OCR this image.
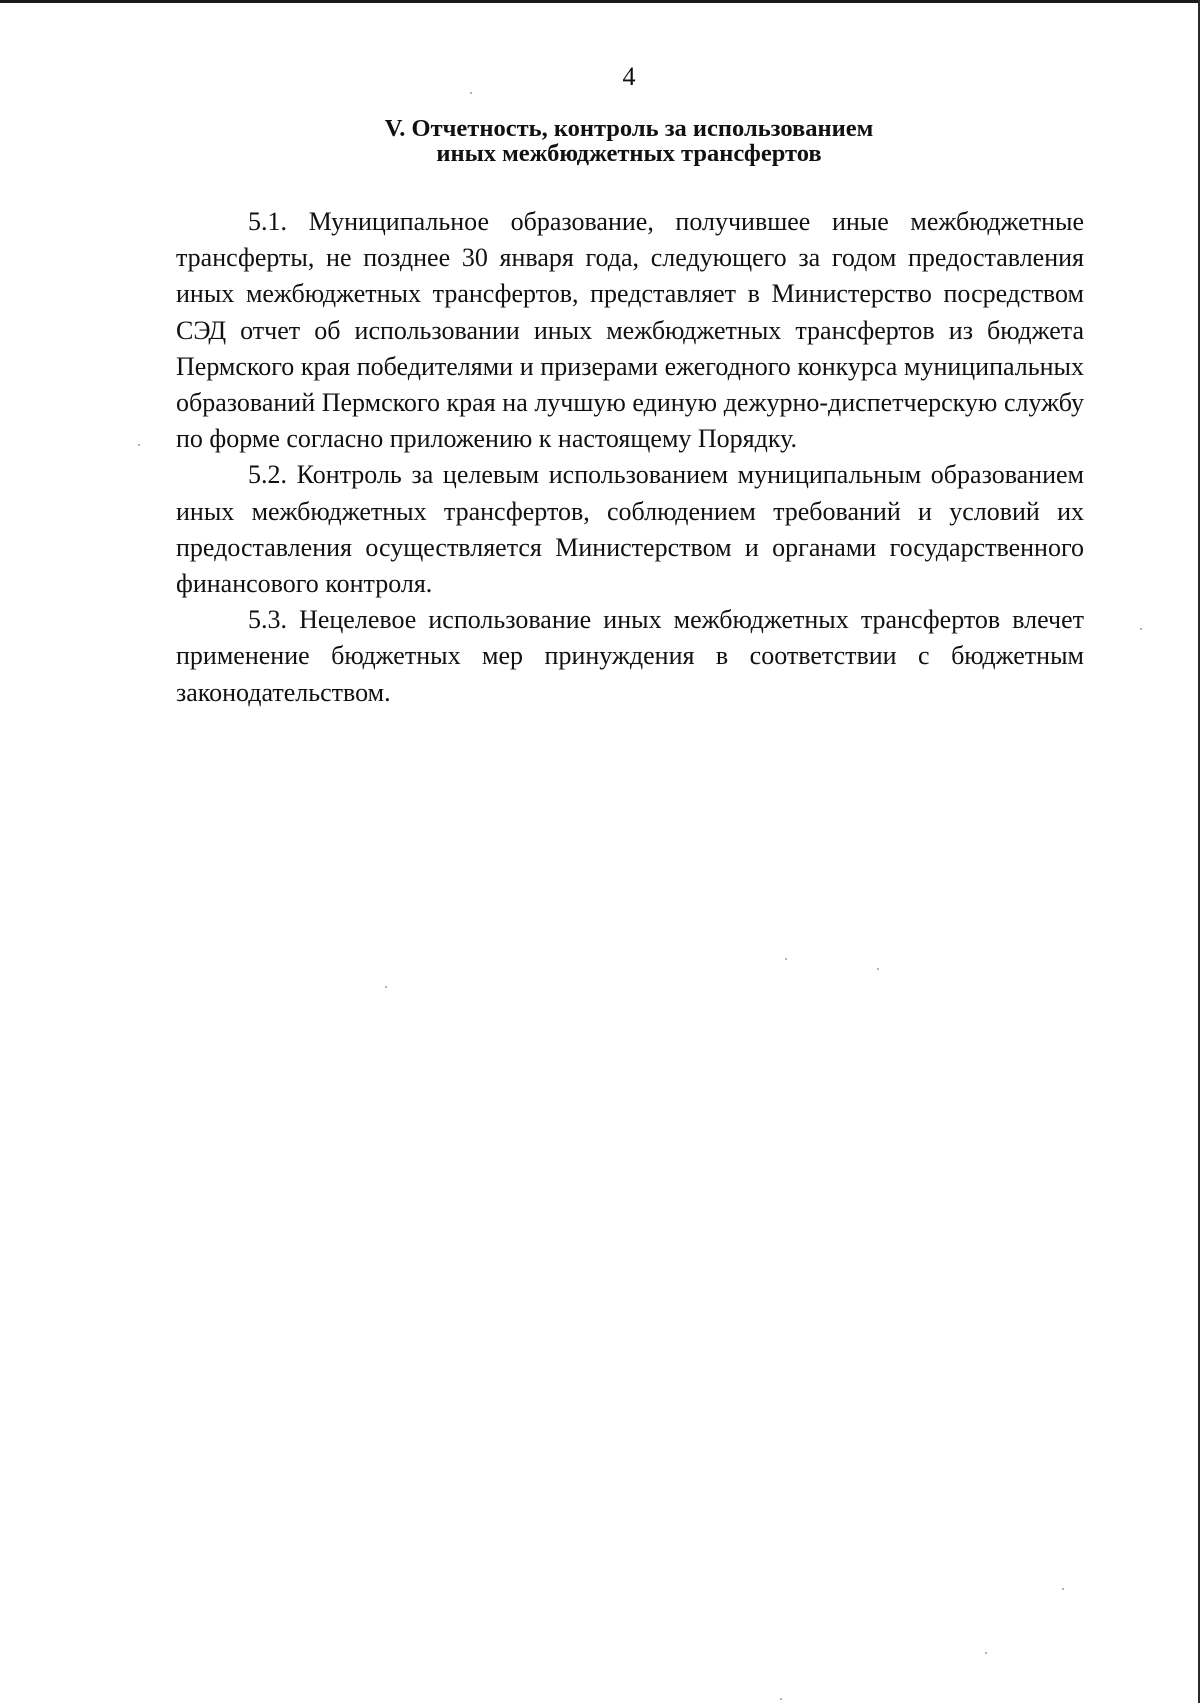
4
V. Отчетность, контроль за использованием
иных межбюджетных трансфертов

5.1. Муниципальное образование, получившее иные межбюджетные трансферты, не позднее 30 января года, следующего за годом предоставления иных межбюджетных трансфертов, представляет в Министерство посредством СЭД отчет об использовании иных межбюджетных трансфертов из бюджета Пермского края победителями и призерами ежегодного конкурса муниципальных образований Пермского края на лучшую единую дежурно-диспетчерскую службу по форме согласно приложению к настоящему Порядку.

5.2. Контроль за целевым использованием муниципальным образованием иных межбюджетных трансфертов, соблюдением требований и условий их предоставления осуществляется Министерством и органами государственного финансового контроля.

5.3. Нецелевое использование иных межбюджетных трансфертов влечет применение бюджетных мер принуждения в соответствии с бюджетным законодательством.
